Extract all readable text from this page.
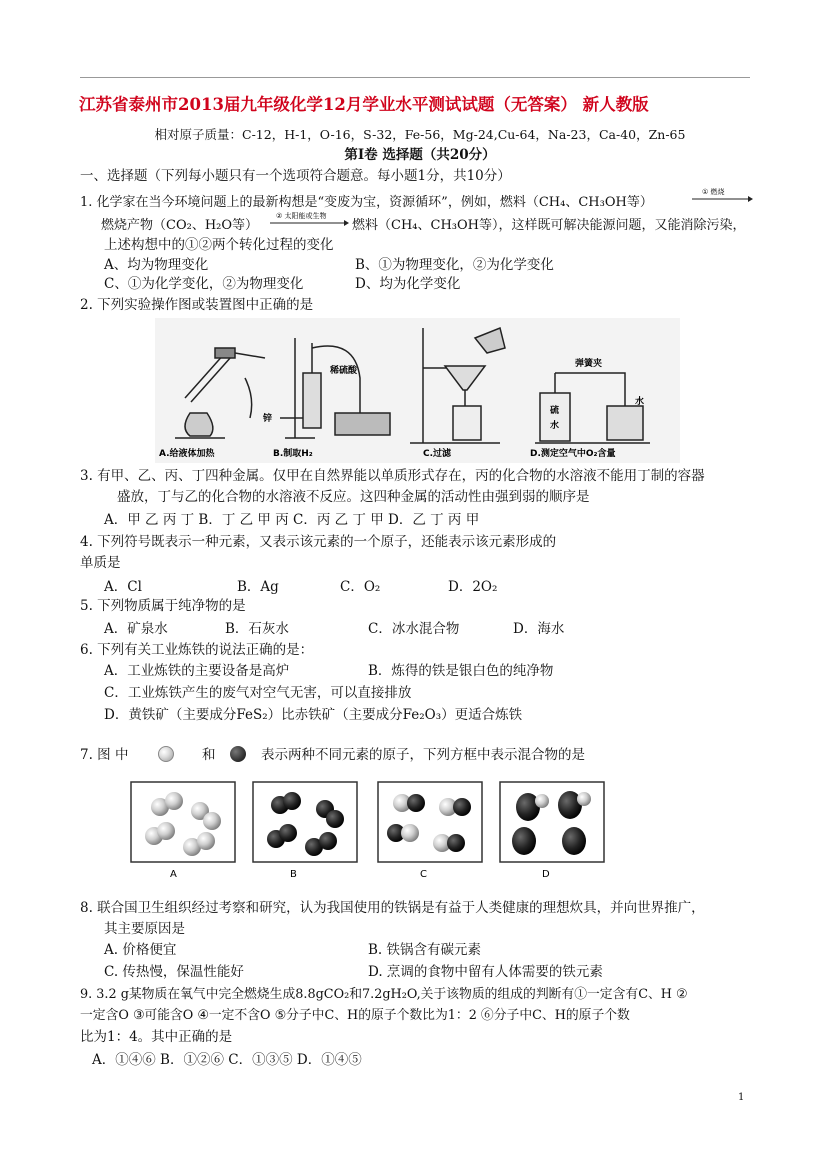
江苏省泰州市2013届九年级化学12月学业水平测试试题（无答案） 新人教版
相对原子质量：C-12，H-1，O-16，S-32，Fe-56，Mg-24,Cu-64，Na-23，Ca-40，Zn-65
第Ⅰ卷 选择题（共20分）
一、选择题（下列每小题只有一个选项符合题意。每小题1分，共10分）
1. 化学家在当今环境问题上的最新构想是“变废为宝，资源循环”，例如，燃料（CH₄、CH₃OH等）
① 燃烧
燃烧产物（CO₂、H₂O等）
② 太阳能或生物
燃料（CH₄、CH₃OH等），这样既可解决能源问题，又能消除污染，
上述构想中的①②两个转化过程的变化
A、均为物理变化	B、①为物理变化，②为化学变化
C、①为化学变化，②为物理变化	D、均为化学变化
2. 下列实验操作图或装置图中正确的是
A.给液体加热
稀硫酸
锌
B.制取H₂	C.过滤
弹簧夹
硫
水
水
D.测定空气中O₂含量
3. 有甲、乙、丙、丁四种金属。仅甲在自然界能以单质形式存在，丙的化合物的水溶液不能用丁制的容器
盛放，丁与乙的化合物的水溶液不反应。这四种金属的活动性由强到弱的顺序是
A．甲 乙 丙 丁 B．丁 乙 甲 丙 C．丙 乙 丁 甲 D．乙 丁 丙 甲
4. 下列符号既表示一种元素，又表示该元素的一个原子，还能表示该元素形成的
单质是
A．Cl	B．Ag	C．O₂	D．2O₂
5. 下列物质属于纯净物的是
A．矿泉水	B．石灰水	C．冰水混合物	D．海水
6. 下列有关工业炼铁的说法正确的是：
A．工业炼铁的主要设备是高炉	B．炼得的铁是银白色的纯净物
C．工业炼铁产生的废气对空气无害，可以直接排放
D．黄铁矿（主要成分FeS₂）比赤铁矿（主要成分Fe₂O₃）更适合炼铁
7. 图 中	和	表示两种不同元素的原子，下列方框中表示混合物的是
A	B	C	D
8. 联合国卫生组织经过考察和研究，认为我国使用的铁锅是有益于人类健康的理想炊具，并向世界推广，
其主要原因是
A. 价格便宜	B. 铁锅含有碳元素
C. 传热慢，保温性能好	D. 烹调的食物中留有人体需要的铁元素
9. 3.2 g某物质在氧气中完全燃烧生成8.8gCO₂和7.2gH₂O,关于该物质的组成的判断有①一定含有C、H ②
一定含O ③可能含O ④一定不含O ⑤分子中C、H的原子个数比为1：2 ⑥分子中C、H的原子个数
比为1：4。其中正确的是
A．①④⑥ B．①②⑥ C．①③⑤ D．①④⑤
1
